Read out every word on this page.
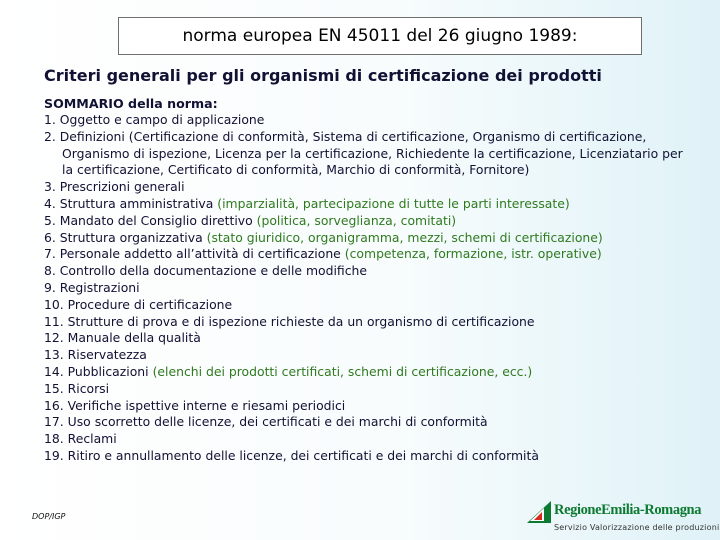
norma europea EN 45011 del 26 giugno 1989:
Criteri generali per gli organismi di certificazione dei prodotti
SOMMARIO della norma:
1. Oggetto e campo di applicazione
2. Definizioni (Certificazione di conformità, Sistema di certificazione, Organismo di certificazione, Organismo di ispezione, Licenza per la certificazione, Richiedente la certificazione, Licenziatario per la certificazione, Certificato di conformità, Marchio di conformità, Fornitore)
3. Prescrizioni generali
4. Struttura amministrativa (imparzialità, partecipazione di tutte le parti interessate)
5. Mandato del Consiglio direttivo (politica, sorveglianza, comitati)
6. Struttura organizzativa (stato giuridico, organigramma, mezzi, schemi di certificazione)
7. Personale addetto all’attività di certificazione (competenza, formazione, istr. operative)
8. Controllo della documentazione e delle modifiche
9. Registrazioni
10. Procedure di certificazione
11. Strutture di prova e di ispezione richieste da un organismo di certificazione
12. Manuale della qualità
13. Riservatezza
14. Pubblicazioni (elenchi dei prodotti certificati, schemi di certificazione, ecc.)
15. Ricorsi
16. Verifiche ispettive interne e riesami periodici
17. Uso scorretto delle licenze, dei certificati e dei marchi di conformità
18. Reclami
19. Ritiro e annullamento delle licenze, dei certificati e dei marchi di conformità
DOP/IGP	RegioneEmilia-Romagna
Servizio Valorizzazione delle produzioni
